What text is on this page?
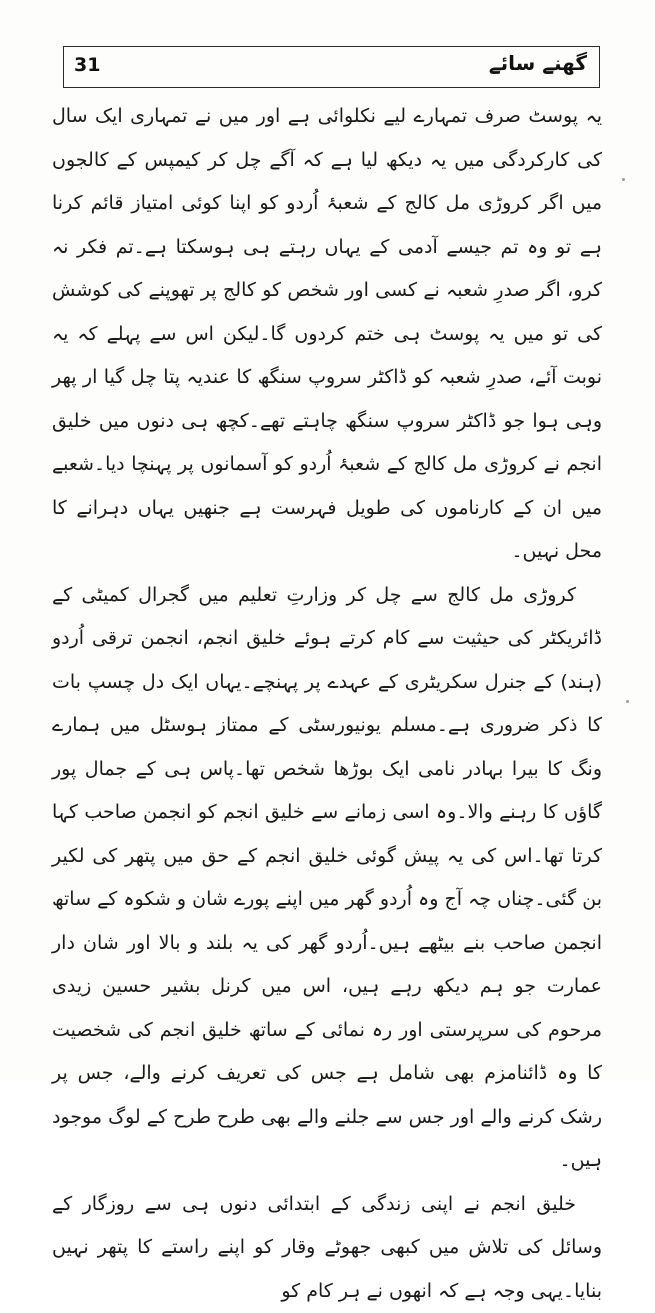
31	گھنے سائے

یہ پوسٹ صرف تمہارے لیے نکلوائی ہے اور میں نے تمہاری ایک سال کی کارکردگی میں یہ دیکھ لیا ہے کہ آگے چل کر کیمپس کے کالجوں میں اگر کروڑی مل کالج کے شعبۂ اُردو کو اپنا کوئی امتیاز قائم کرنا ہے تو وہ تم جیسے آدمی کے یہاں رہتے ہی ہوسکتا ہے۔تم فکر نہ کرو، اگر صدرِ شعبہ نے کسی اور شخص کو کالج پر تھوپنے کی کوشش کی تو میں یہ پوسٹ ہی ختم کردوں گا۔لیکن اس سے پہلے کہ یہ نوبت آئے، صدرِ شعبہ کو ڈاکٹر سروپ سنگھ کا عندیہ پتا چل گیا ار پھر وہی ہوا جو ڈاکٹر سروپ سنگھ چاہتے تھے۔کچھ ہی دنوں میں خلیق انجم نے کروڑی مل کالج کے شعبۂ اُردو کو آسمانوں پر پہنچا دیا۔شعبے میں ان کے کارناموں کی طویل فہرست ہے جنھیں یہاں دہرانے کا محل نہیں۔

کروڑی مل کالج سے چل کر وزارتِ تعلیم میں گجرال کمیٹی کے ڈائریکٹر کی حیثیت سے کام کرتے ہوئے خلیق انجم، انجمن ترقی اُردو (ہند) کے جنرل سکریٹری کے عہدے پر پہنچے۔یہاں ایک دل چسپ بات کا ذکر ضروری ہے۔مسلم یونیورسٹی کے ممتاز ہوسٹل میں ہمارے ونگ کا بیرا بہادر نامی ایک بوڑھا شخص تھا۔پاس ہی کے جمال پور گاؤں کا رہنے والا۔وہ اسی زمانے سے خلیق انجم کو انجمن صاحب کہا کرتا تھا۔اس کی یہ پیش گوئی خلیق انجم کے حق میں پتھر کی لکیر بن گئی۔چناں چہ آج وہ اُردو گھر میں اپنے پورے شان و شکوہ کے ساتھ انجمن صاحب بنے بیٹھے ہیں۔اُردو گھر کی یہ بلند و بالا اور شان دار عمارت جو ہم دیکھ رہے ہیں، اس میں کرنل بشیر حسین زیدی مرحوم کی سرپرستی اور رہ نمائی کے ساتھ خلیق انجم کی شخصیت کا وہ ڈائنامزم بھی شامل ہے جس کی تعریف کرنے والے، جس پر رشک کرنے والے اور جس سے جلنے والے بھی طرح طرح کے لوگ موجود ہیں۔

خلیق انجم نے اپنی زندگی کے ابتدائی دنوں ہی سے روزگار کے وسائل کی تلاش میں کبھی جھوٹے وقار کو اپنے راستے کا پتھر نہیں بنایا۔یہی وجہ ہے کہ انھوں نے ہر کام کو
